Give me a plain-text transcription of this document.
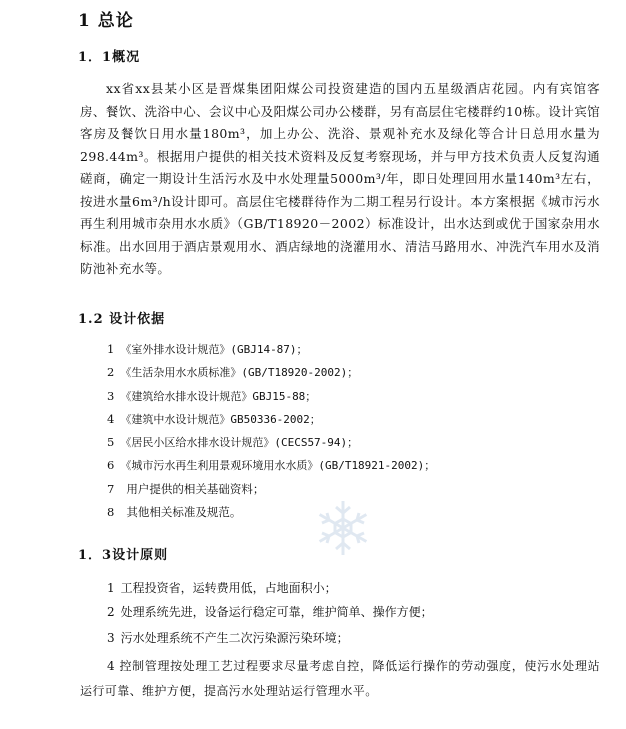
1 总论
1．1概况

xx省xx县某小区是晋煤集团阳煤公司投资建造的国内五星级酒店花园。内有宾馆客房、餐饮、洗浴中心、会议中心及阳煤公司办公楼群，另有高层住宅楼群约10栋。设计宾馆客房及餐饮日用水量180m³，加上办公、洗浴、景观补充水及绿化等合计日总用水量为298.44m³。根据用户提供的相关技术资料及反复考察现场，并与甲方技术负责人反复沟通磋商，确定一期设计生活污水及中水处理量5000m³/年，即日处理回用水量140m³左右，按进水量6m³/h设计即可。高层住宅楼群待作为二期工程另行设计。本方案根据《城市污水再生利用城市杂用水水质》（GB/T18920－2002）标准设计，出水达到或优于国家杂用水标准。出水回用于酒店景观用水、酒店绿地的浇灌用水、清洁马路用水、冲洗汽车用水及消防池补充水等。

1.2 设计依据
1 《室外排水设计规范》(GBJ14-87)；
2 《生活杂用水水质标准》(GB/T18920-2002)；
3 《建筑给水排水设计规范》GBJ15-88；
4 《建筑中水设计规范》GB50336-2002；
5 《居民小区给水排水设计规范》(CECS57-94)；
6 《城市污水再生利用景观环境用水水质》(GB/T18921-2002)；
7 用户提供的相关基础资料；
8 其他相关标准及规范。
1．3设计原则
1 工程投资省，运转费用低，占地面积小；
2 处理系统先进，设备运行稳定可靠，维护简单、操作方便；
3 污水处理系统不产生二次污染源污染环境；

4 控制管理按处理工艺过程要求尽量考虑自控，降低运行操作的劳动强度，使污水处理站运行可靠、维护方便，提高污水处理站运行管理水平。
